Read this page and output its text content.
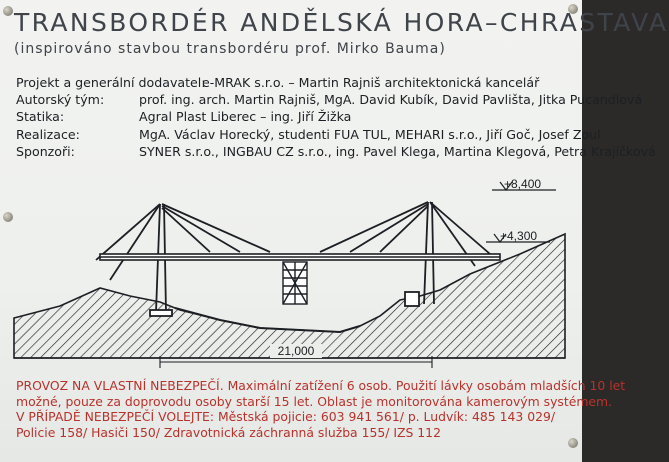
TRANSBORDÉR ANDĚLSKÁ HORA–CHRASTAVA
(inspirováno stavbou transbordéru prof. Mirko Bauma)
Projekt a generální dodavatel:
e-MRAK s.r.o. – Martin Rajniš architektonická kancelář
Autorský tým:	prof. ing. arch. Martin Rajniš, MgA. David Kubík, David Pavlišta, Jitka Pucandlová
Statika:	Agral Plast Liberec – ing. Jiří Žižka
Realizace:	MgA. Václav Horecký, studenti FUA TUL, MEHARI s.r.o., Jiří Goč, Josef Zoul
Sponzoři:	SYNER s.r.o., INGBAU CZ s.r.o., ing. Pavel Klega, Martina Klegová, Petra Krajíčková
+8,400
+4,300
21,000
PROVOZ NA VLASTNÍ NEBEZPEČÍ. Maximální zatížení 6 osob. Použití lávky osobám mladších 10 let
možné, pouze za doprovodu osoby starší 15 let. Oblast je monitorována kamerovým systémem.
V PŘÍPADĚ NEBEZPEČÍ VOLEJTE: Městská pojicie: 603 941 561/ p. Ludvík: 485 143 029/
Policie 158/ Hasiči 150/ Zdravotnická záchranná služba 155/ IZS 112
